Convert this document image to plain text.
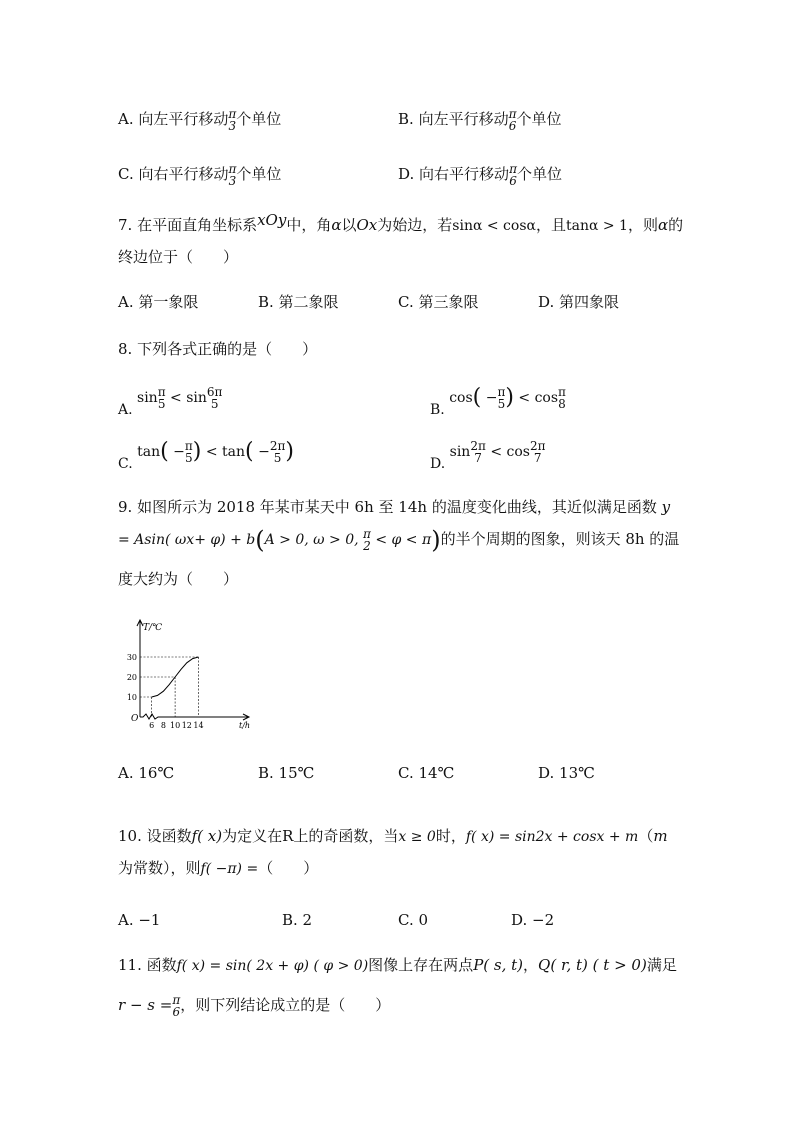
A. 向左平行移动 π
3 个单位	B. 向左平行移动 π
6 个单位
C. 向右平行移动 π
3 个单位	D. 向右平行移动 π
6 个单位
7. 在平面直角坐标系xOy中，角α以Ox为始边，若sinα < cosα，且tanα > 1，则α的
终边位于（　　）
A. 第一象限	B. 第二象限	C. 第三象限	D. 第四象限
8. 下列各式正确的是（　　）
A. sin π
5 < sin 6π
5	B. cos( − π
5 ) < cos π
8
C. tan( − π
5 ) < tan( − 2π
5 )	D. sin 2π
7 < cos 2π
7
9. 如图所示为 2018 年某市某天中 6h 至 14h 的温度变化曲线，其近似满足函数 y
= Asin( ωx+ φ) + b(A > 0, ω > 0, π
2 < φ < π)的半个周期的图象，则该天 8h 的温
度大约为（　　）
T/℃
t/h
O
10
20
30
6 8 10 12 14
A. 16℃	B. 15℃	C. 14℃	D. 13℃
10. 设函数f( x)为定义在R上的奇函数，当x ≥ 0时，f( x) = sin2x + cosx + m（m
为常数），则f( −π) =（　　）
A. −1	B. 2	C. 0	D. −2
11. 函数f( x) = sin( 2x + φ) ( φ > 0)图像上存在两点P( s, t)，Q( r, t) ( t > 0)满足
r − s = π
6 ，则下列结论成立的是（　　）
